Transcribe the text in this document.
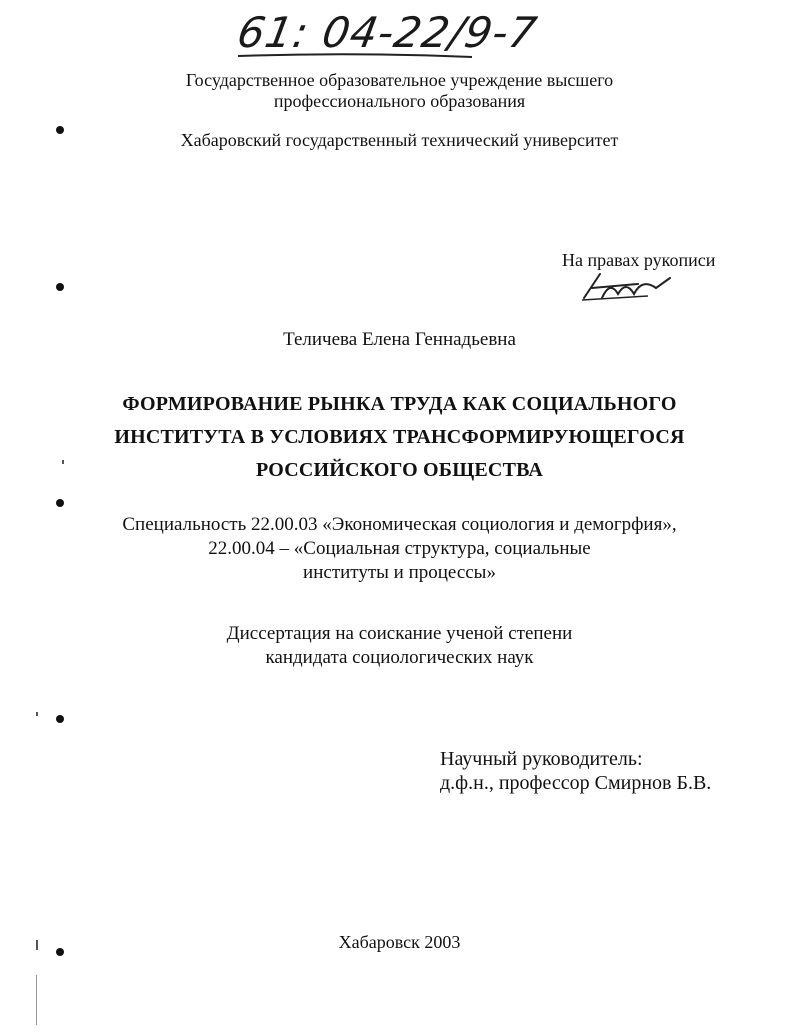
61: 04-22/9-7
Государственное образовательное учреждение высшего
профессионального образования
Хабаровский государственный технический университет
На правах рукописи
Теличева Елена Геннадьевна
ФОРМИРОВАНИЕ РЫНКА ТРУДА КАК СОЦИАЛЬНОГО
ИНСТИТУТА В УСЛОВИЯХ ТРАНСФОРМИРУЮЩЕГОСЯ
РОССИЙСКОГО ОБЩЕСТВА
Специальность 22.00.03 «Экономическая социология и демогрфия»,
22.00.04 – «Социальная структура, социальные
институты и процессы»
Диссертация на соискание ученой степени
кандидата социологических наук
Научный руководитель:
д.ф.н., профессор Смирнов Б.В.
Хабаровск 2003
